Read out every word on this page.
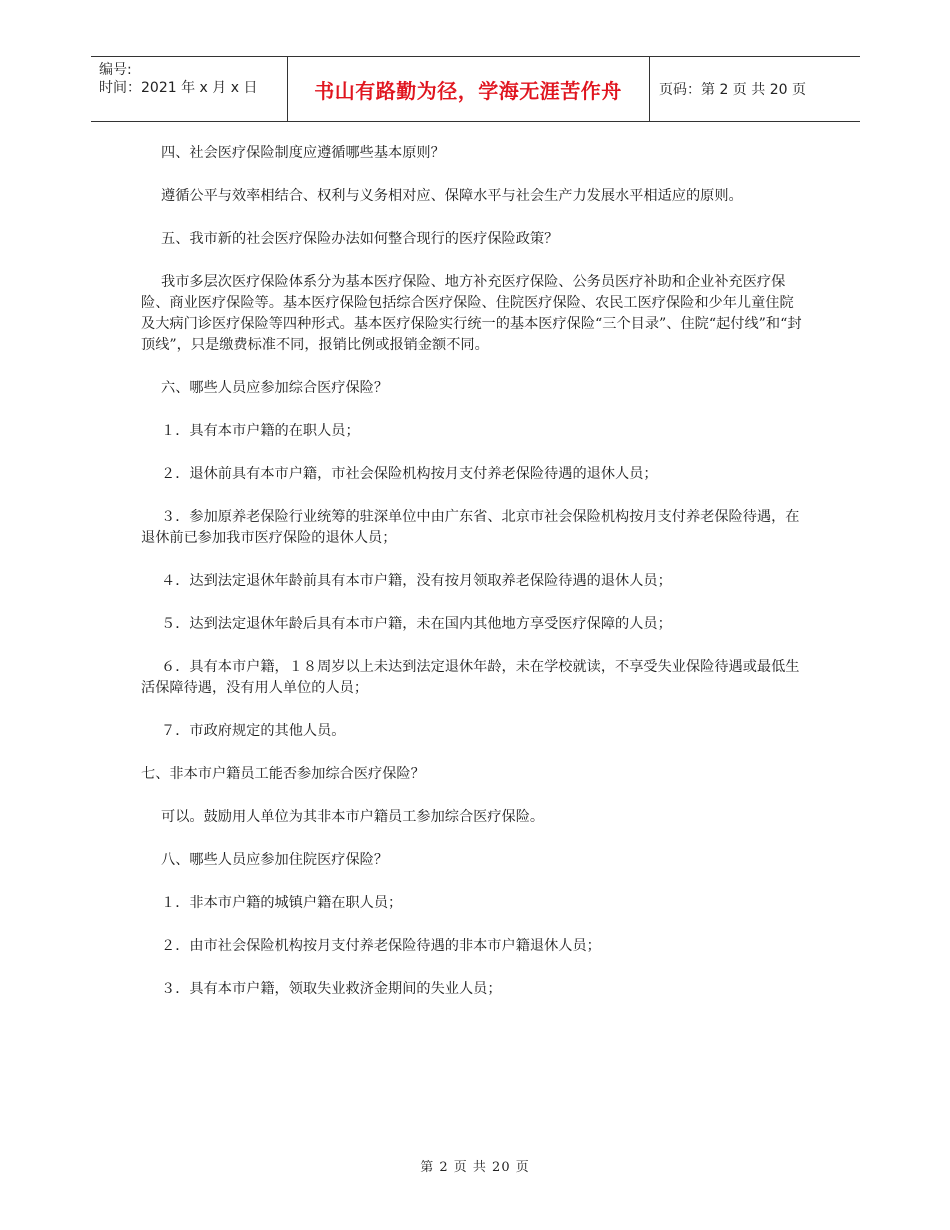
编号:
时间：2021 年 x 月 x 日	书山有路勤为径，学海无涯苦作舟	页码：第 2 页 共 20 页

四、社会医疗保险制度应遵循哪些基本原则？

遵循公平与效率相结合、权利与义务相对应、保障水平与社会生产力发展水平相适应的原则。

五、我市新的社会医疗保险办法如何整合现行的医疗保险政策？

我市多层次医疗保险体系分为基本医疗保险、地方补充医疗保险、公务员医疗补助和企业补充医疗保险、商业医疗保险等。基本医疗保险包括综合医疗保险、住院医疗保险、农民工医疗保险和少年儿童住院及大病门诊医疗保险等四种形式。基本医疗保险实行统一的基本医疗保险“三个目录”、住院“起付线”和“封顶线”，只是缴费标准不同，报销比例或报销金额不同。

六、哪些人员应参加综合医疗保险？

１．具有本市户籍的在职人员；

２．退休前具有本市户籍，市社会保险机构按月支付养老保险待遇的退休人员；

３．参加原养老保险行业统筹的驻深单位中由广东省、北京市社会保险机构按月支付养老保险待遇，在退休前已参加我市医疗保险的退休人员；

４．达到法定退休年龄前具有本市户籍，没有按月领取养老保险待遇的退休人员；

５．达到法定退休年龄后具有本市户籍，未在国内其他地方享受医疗保障的人员；

６．具有本市户籍，１８周岁以上未达到法定退休年龄，未在学校就读，不享受失业保险待遇或最低生活保障待遇，没有用人单位的人员；

７．市政府规定的其他人员。

七、非本市户籍员工能否参加综合医疗保险？

可以。鼓励用人单位为其非本市户籍员工参加综合医疗保险。

八、哪些人员应参加住院医疗保险？

１．非本市户籍的城镇户籍在职人员；

２．由市社会保险机构按月支付养老保险待遇的非本市户籍退休人员；

３．具有本市户籍，领取失业救济金期间的失业人员；

第 2 页 共 20 页
